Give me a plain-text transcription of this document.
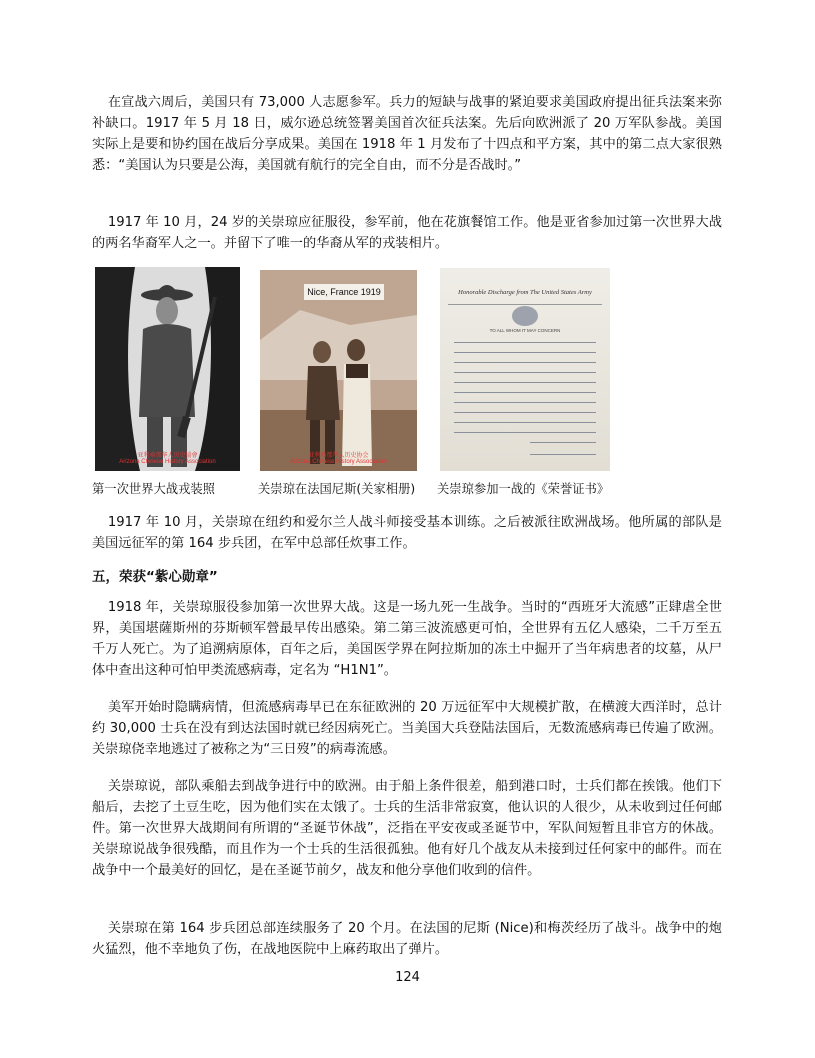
在宣战六周后，美国只有 73,000 人志愿参军。兵力的短缺与战事的紧迫要求美国政府提出征兵法案来弥补缺口。1917 年 5 月 18 日，威尔逊总统签署美国首次征兵法案。先后向欧洲派了 20 万军队参战。美国实际上是要和协约国在战后分享成果。美国在 1918 年 1 月发布了十四点和平方案，其中的第二点大家很熟悉：“美国认为只要是公海，美国就有航行的完全自由，而不分是否战时。”

1917 年 10 月，24 岁的关崇琼应征服役，参军前，他在花旗餐馆工作。他是亚省参加过第一次世界大战的两名华裔军人之一。并留下了唯一的华裔从军的戎装相片。

亚利桑那华人历史協會
Arizona Chinese History Association
Nice, France 1919
亚利桑那华人历史协会
Arizona Chinese History Association
Honorable Discharge from The United States Army
TO ALL WHOM IT MAY CONCERN

第一次世界大战戎装照	关崇琼在法国尼斯(关家相册) 关崇琼参加一战的《荣誉证书》

1917 年 10 月，关崇琼在纽约和爱尔兰人战斗师接受基本训练。之后被派往欧洲战场。他所属的部队是美国远征军的第 164 步兵团，在军中总部任炊事工作。

五，荣获“紫心勋章”

1918 年，关崇琼服役参加第一次世界大战。这是一场九死一生战争。当时的“西班牙大流感”正肆虐全世界，美国堪薩斯州的芬斯顿军營最早传出感染。第二第三波流感更可怕，全世界有五亿人感染，二千万至五千万人死亡。为了追溯病原体，百年之后，美国医学界在阿拉斯加的冻土中掘开了当年病患者的坟墓，从尸体中查出这种可怕甲类流感病毒，定名为 “H1N1”。

美军开始时隐瞒病情，但流感病毒早已在东征欧洲的 20 万远征军中大规模扩散，在横渡大西洋时，总计约 30,000 士兵在没有到达法国时就已经因病死亡。当美国大兵登陆法国后，无数流感病毒已传遍了欧洲。关崇琼侥幸地逃过了被称之为“三日歿”的病毒流感。

关崇琼说，部队乘船去到战争进行中的欧洲。由于船上条件很差，船到港口时，士兵们都在挨饿。他们下船后，去挖了土豆生吃，因为他们实在太饿了。士兵的生活非常寂寞，他认识的人很少，从未收到过任何邮件。第一次世界大战期间有所谓的“圣诞节休战”，泛指在平安夜或圣诞节中，军队间短暂且非官方的休战。关崇琼说战争很残酷，而且作为一个士兵的生活很孤独。他有好几个战友从未接到过任何家中的邮件。而在战争中一个最美好的回忆，是在圣诞节前夕，战友和他分享他们收到的信件。

关崇琼在第 164 步兵团总部连续服务了 20 个月。在法国的尼斯 (Nice)和梅茨经历了战斗。战争中的炮火猛烈，他不幸地负了伤，在战地医院中上麻药取出了弹片。

124
